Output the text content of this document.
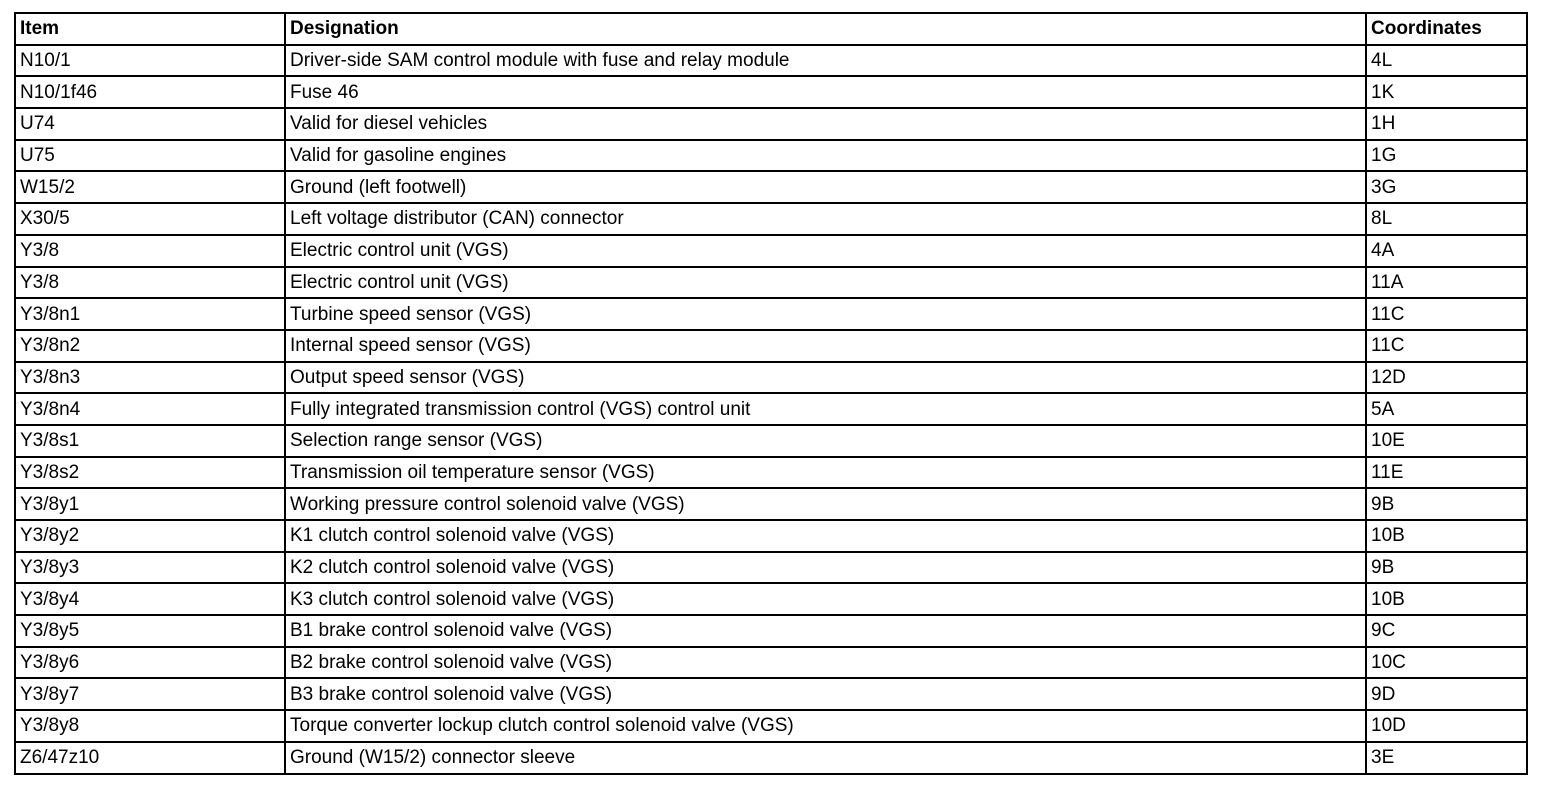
Item	Designation	Coordinates
N10/1	Driver-side SAM control module with fuse and relay module	4L
N10/1f46	Fuse 46	1K
U74	Valid for diesel vehicles	1H
U75	Valid for gasoline engines	1G
W15/2	Ground (left footwell)	3G
X30/5	Left voltage distributor (CAN) connector	8L
Y3/8	Electric control unit (VGS)	4A
Y3/8	Electric control unit (VGS)	11A
Y3/8n1	Turbine speed sensor (VGS)	11C
Y3/8n2	Internal speed sensor (VGS)	11C
Y3/8n3	Output speed sensor (VGS)	12D
Y3/8n4	Fully integrated transmission control (VGS) control unit	5A
Y3/8s1	Selection range sensor (VGS)	10E
Y3/8s2	Transmission oil temperature sensor (VGS)	11E
Y3/8y1	Working pressure control solenoid valve (VGS)	9B
Y3/8y2	K1 clutch control solenoid valve (VGS)	10B
Y3/8y3	K2 clutch control solenoid valve (VGS)	9B
Y3/8y4	K3 clutch control solenoid valve (VGS)	10B
Y3/8y5	B1 brake control solenoid valve (VGS)	9C
Y3/8y6	B2 brake control solenoid valve (VGS)	10C
Y3/8y7	B3 brake control solenoid valve (VGS)	9D
Y3/8y8	Torque converter lockup clutch control solenoid valve (VGS)	10D
Z6/47z10	Ground (W15/2) connector sleeve	3E
